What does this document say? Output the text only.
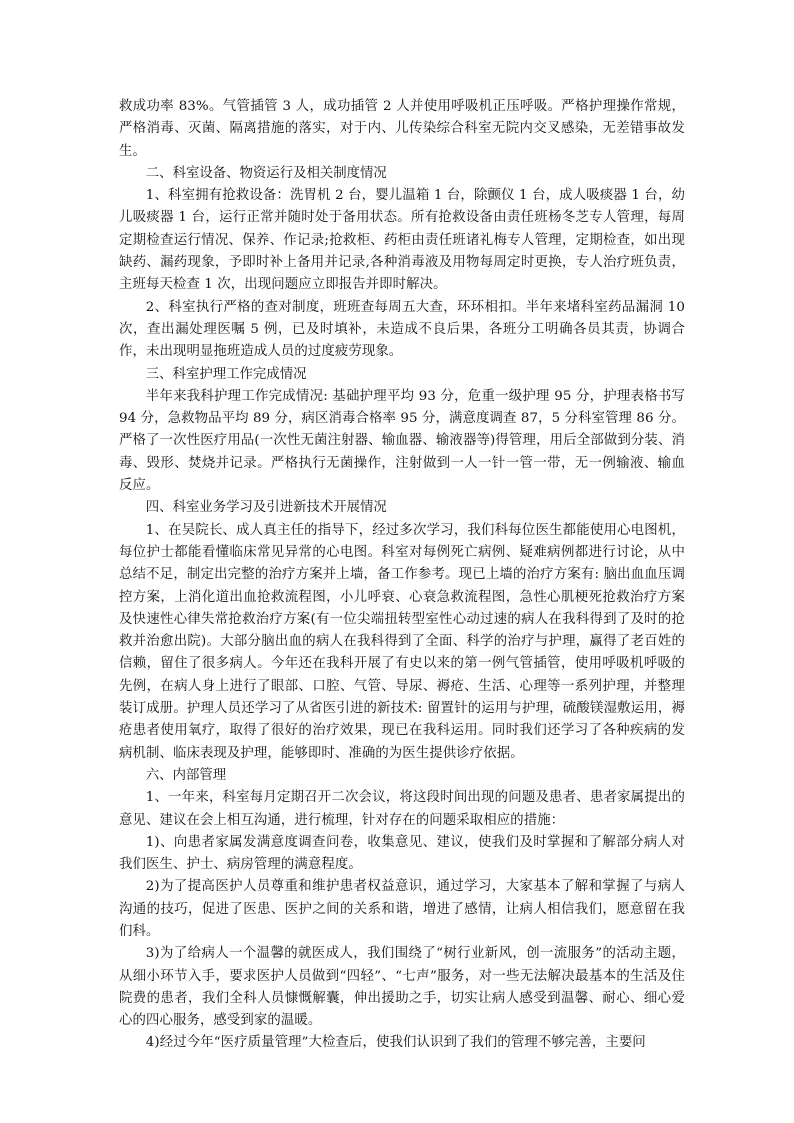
救成功率 83%。气管插管 3 人，成功插管 2 人并使用呼吸机正压呼吸。严格护理操作常规，严格消毒、灭菌、隔离措施的落实，对于内、儿传染综合科室无院内交叉感染，无差错事故发生。

二、科室设备、物资运行及相关制度情况

1、科室拥有抢救设备：洗胃机 2 台，婴儿温箱 1 台，除颤仪 1 台，成人吸痰器 1 台，幼儿吸痰器 1 台，运行正常并随时处于备用状态。所有抢救设备由责任班杨冬芝专人管理，每周定期检查运行情况、保养、作记录;抢救柜、药柜由责任班诸礼梅专人管理，定期检查，如出现缺药、漏药现象，予即时补上备用并记录,各种消毒液及用物每周定时更换，专人治疗班负责，主班每天检查 1 次，出现问题应立即报告并即时解决。

2、科室执行严格的查对制度，班班查每周五大查，环环相扣。半年来堵科室药品漏洞 10 次，查出漏处理医嘱 5 例，已及时填补，未造成不良后果，各班分工明确各员其责，协调合作，未出现明显拖班造成人员的过度疲劳现象。

三、科室护理工作完成情况

半年来我科护理工作完成情况: 基础护理平均 93 分，危重一级护理 95 分，护理表格书写 94 分，急救物品平均 89 分，病区消毒合格率 95 分，满意度调查 87，5 分科室管理 86 分。严格了一次性医疗用品(一次性无菌注射器、输血器、输液器等)得管理，用后全部做到分装、消毒、毁形、焚烧并记录。严格执行无菌操作，注射做到一人一针一管一带，无一例输液、输血反应。

四、科室业务学习及引进新技术开展情况

1、在吴院长、成人真主任的指导下，经过多次学习，我们科每位医生都能使用心电图机，每位护士都能看懂临床常见异常的心电图。科室对每例死亡病例、疑难病例都进行讨论，从中总结不足，制定出完整的治疗方案并上墙，备工作参考。现已上墙的治疗方案有: 脑出血血压调控方案，上消化道出血抢救流程图，小儿呼衰、心衰急救流程图，急性心肌梗死抢救治疗方案及快速性心律失常抢救治疗方案(有一位尖端扭转型室性心动过速的病人在我科得到了及时的抢救并治愈出院)。大部分脑出血的病人在我科得到了全面、科学的治疗与护理，赢得了老百姓的信赖，留住了很多病人。今年还在我科开展了有史以来的第一例气管插管，使用呼吸机呼吸的先例，在病人身上进行了眼部、口腔、气管、导尿、褥疮、生活、心理等一系列护理，并整理装订成册。护理人员还学习了从省医引进的新技术: 留置针的运用与护理，硫酸镁湿敷运用，褥疮患者使用氧疗，取得了很好的治疗效果，现已在我科运用。同时我们还学习了各种疾病的发病机制、临床表现及护理，能够即时、准确的为医生提供诊疗依据。

六、内部管理

1、一年来，科室每月定期召开二次会议，将这段时间出现的问题及患者、患者家属提出的意见、建议在会上相互沟通，进行梳理，针对存在的问题采取相应的措施：

1)、向患者家属发满意度调查问卷，收集意见、建议，使我们及时掌握和了解部分病人对我们医生、护士、病房管理的满意程度。

2)为了提高医护人员尊重和维护患者权益意识，通过学习，大家基本了解和掌握了与病人沟通的技巧，促进了医患、医护之间的关系和谐，增进了感情，让病人相信我们，愿意留在我们科。

3)为了给病人一个温馨的就医成人，我们围绕了“树行业新风，创一流服务”的活动主题，从细小环节入手，要求医护人员做到“四轻”、“七声”服务，对一些无法解决最基本的生活及住院费的患者，我们全科人员慷慨解囊，伸出援助之手，切实让病人感受到温馨、耐心、细心爱心的四心服务，感受到家的温暖。

4)经过今年“医疗质量管理”大检查后，使我们认识到了我们的管理不够完善，主要问
